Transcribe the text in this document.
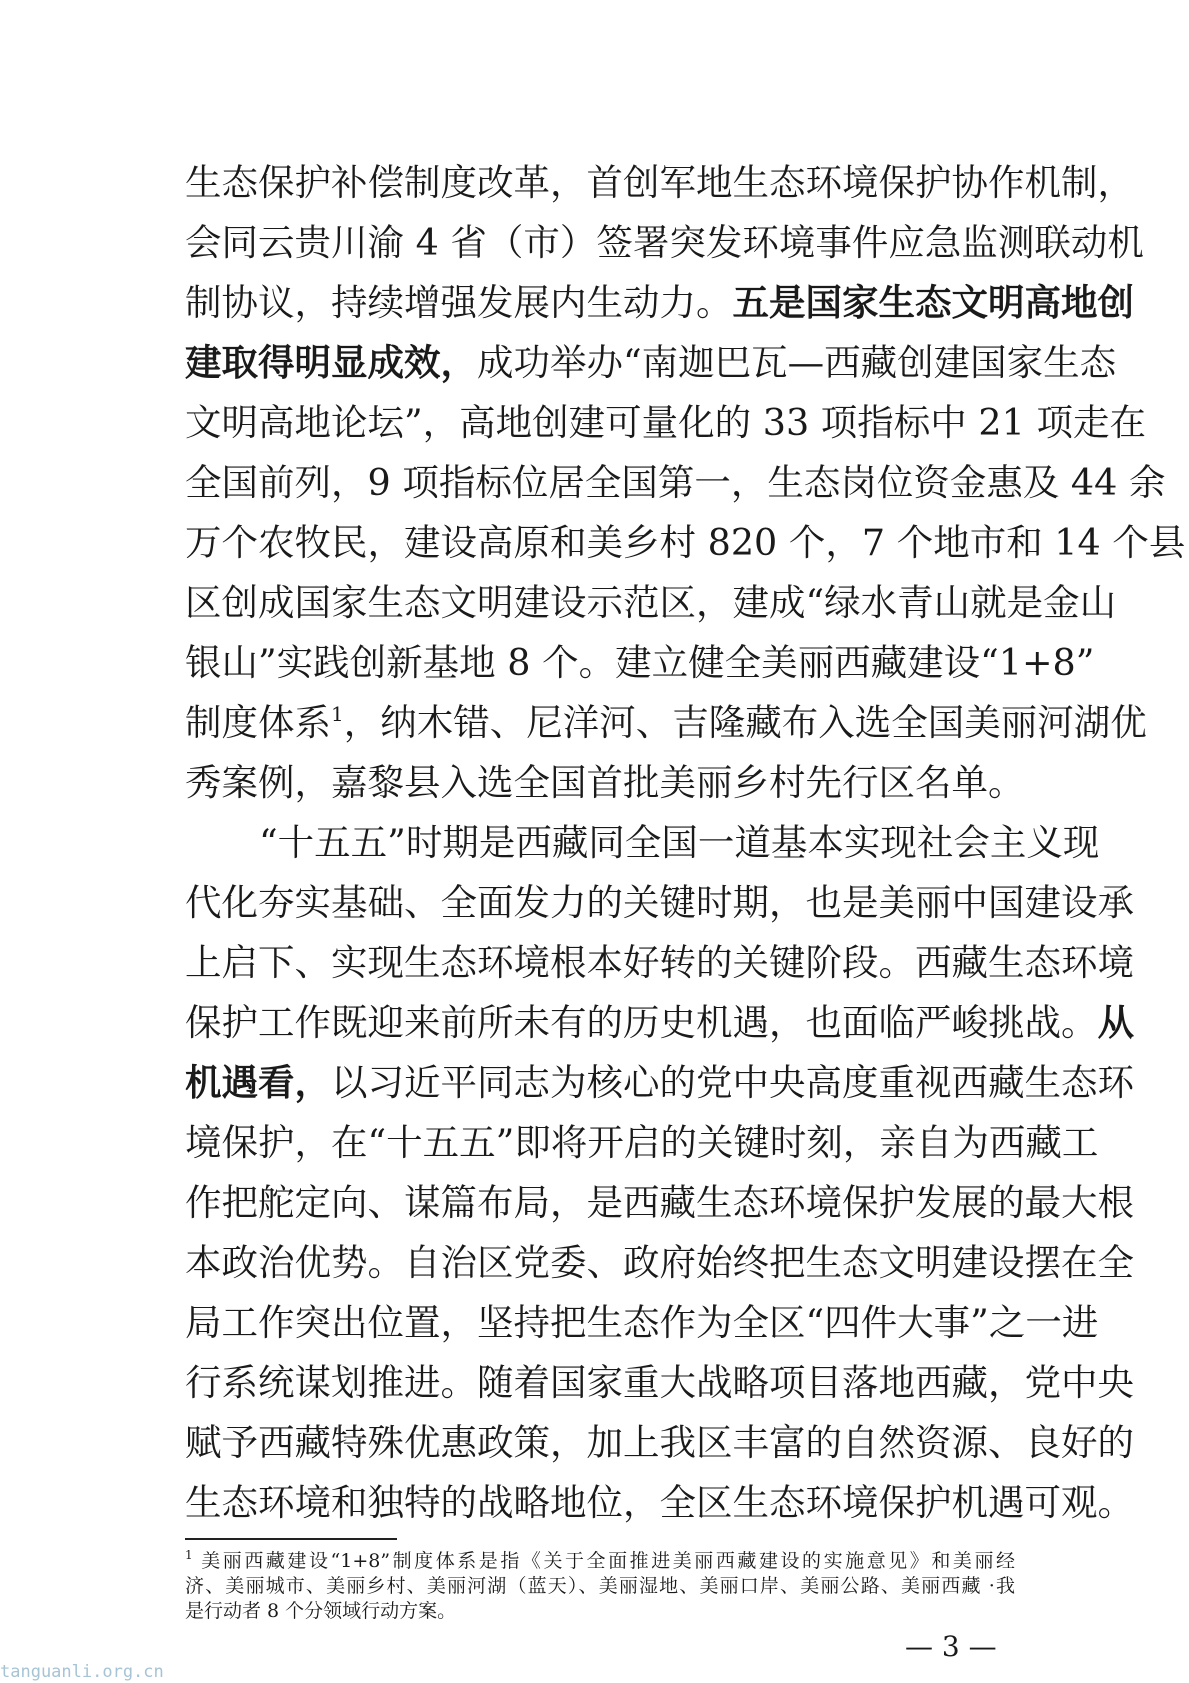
生态保护补偿制度改革，首创军地生态环境保护协作机制，
会同云贵川渝 4 省（市）签署突发环境事件应急监测联动机
制协议，持续增强发展内生动力。五是国家生态文明高地创
建取得明显成效，成功举办“南迦巴瓦—西藏创建国家生态
文明高地论坛”，高地创建可量化的 33 项指标中 21 项走在
全国前列，9 项指标位居全国第一，生态岗位资金惠及 44 余
万个农牧民，建设高原和美乡村 820 个，7 个地市和 14 个县
区创成国家生态文明建设示范区，建成“绿水青山就是金山
银山”实践创新基地 8 个。建立健全美丽西藏建设“1+8”
制度体系$^1$，纳木错、尼洋河、吉隆藏布入选全国美丽河湖优
秀案例，嘉黎县入选全国首批美丽乡村先行区名单。
“十五五”时期是西藏同全国一道基本实现社会主义现
代化夯实基础、全面发力的关键时期，也是美丽中国建设承
上启下、实现生态环境根本好转的关键阶段。西藏生态环境
保护工作既迎来前所未有的历史机遇，也面临严峻挑战。从
机遇看，以习近平同志为核心的党中央高度重视西藏生态环
境保护，在“十五五”即将开启的关键时刻，亲自为西藏工
作把舵定向、谋篇布局，是西藏生态环境保护发展的最大根
本政治优势。自治区党委、政府始终把生态文明建设摆在全
局工作突出位置，坚持把生态作为全区“四件大事”之一进
行系统谋划推进。随着国家重大战略项目落地西藏，党中央
赋予西藏特殊优惠政策，加上我区丰富的自然资源、良好的
生态环境和独特的战略地位，全区生态环境保护机遇可观。
$^1$ 美丽西藏建设“1+8”制度体系是指《关于全面推进美丽西藏建设的实施意见》和美丽经
济、美丽城市、美丽乡村、美丽河湖（蓝天）、美丽湿地、美丽口岸、美丽公路、美丽西藏 ·我
是行动者 8 个分领域行动方案。
— 3 —
tanguanli.org.cn
